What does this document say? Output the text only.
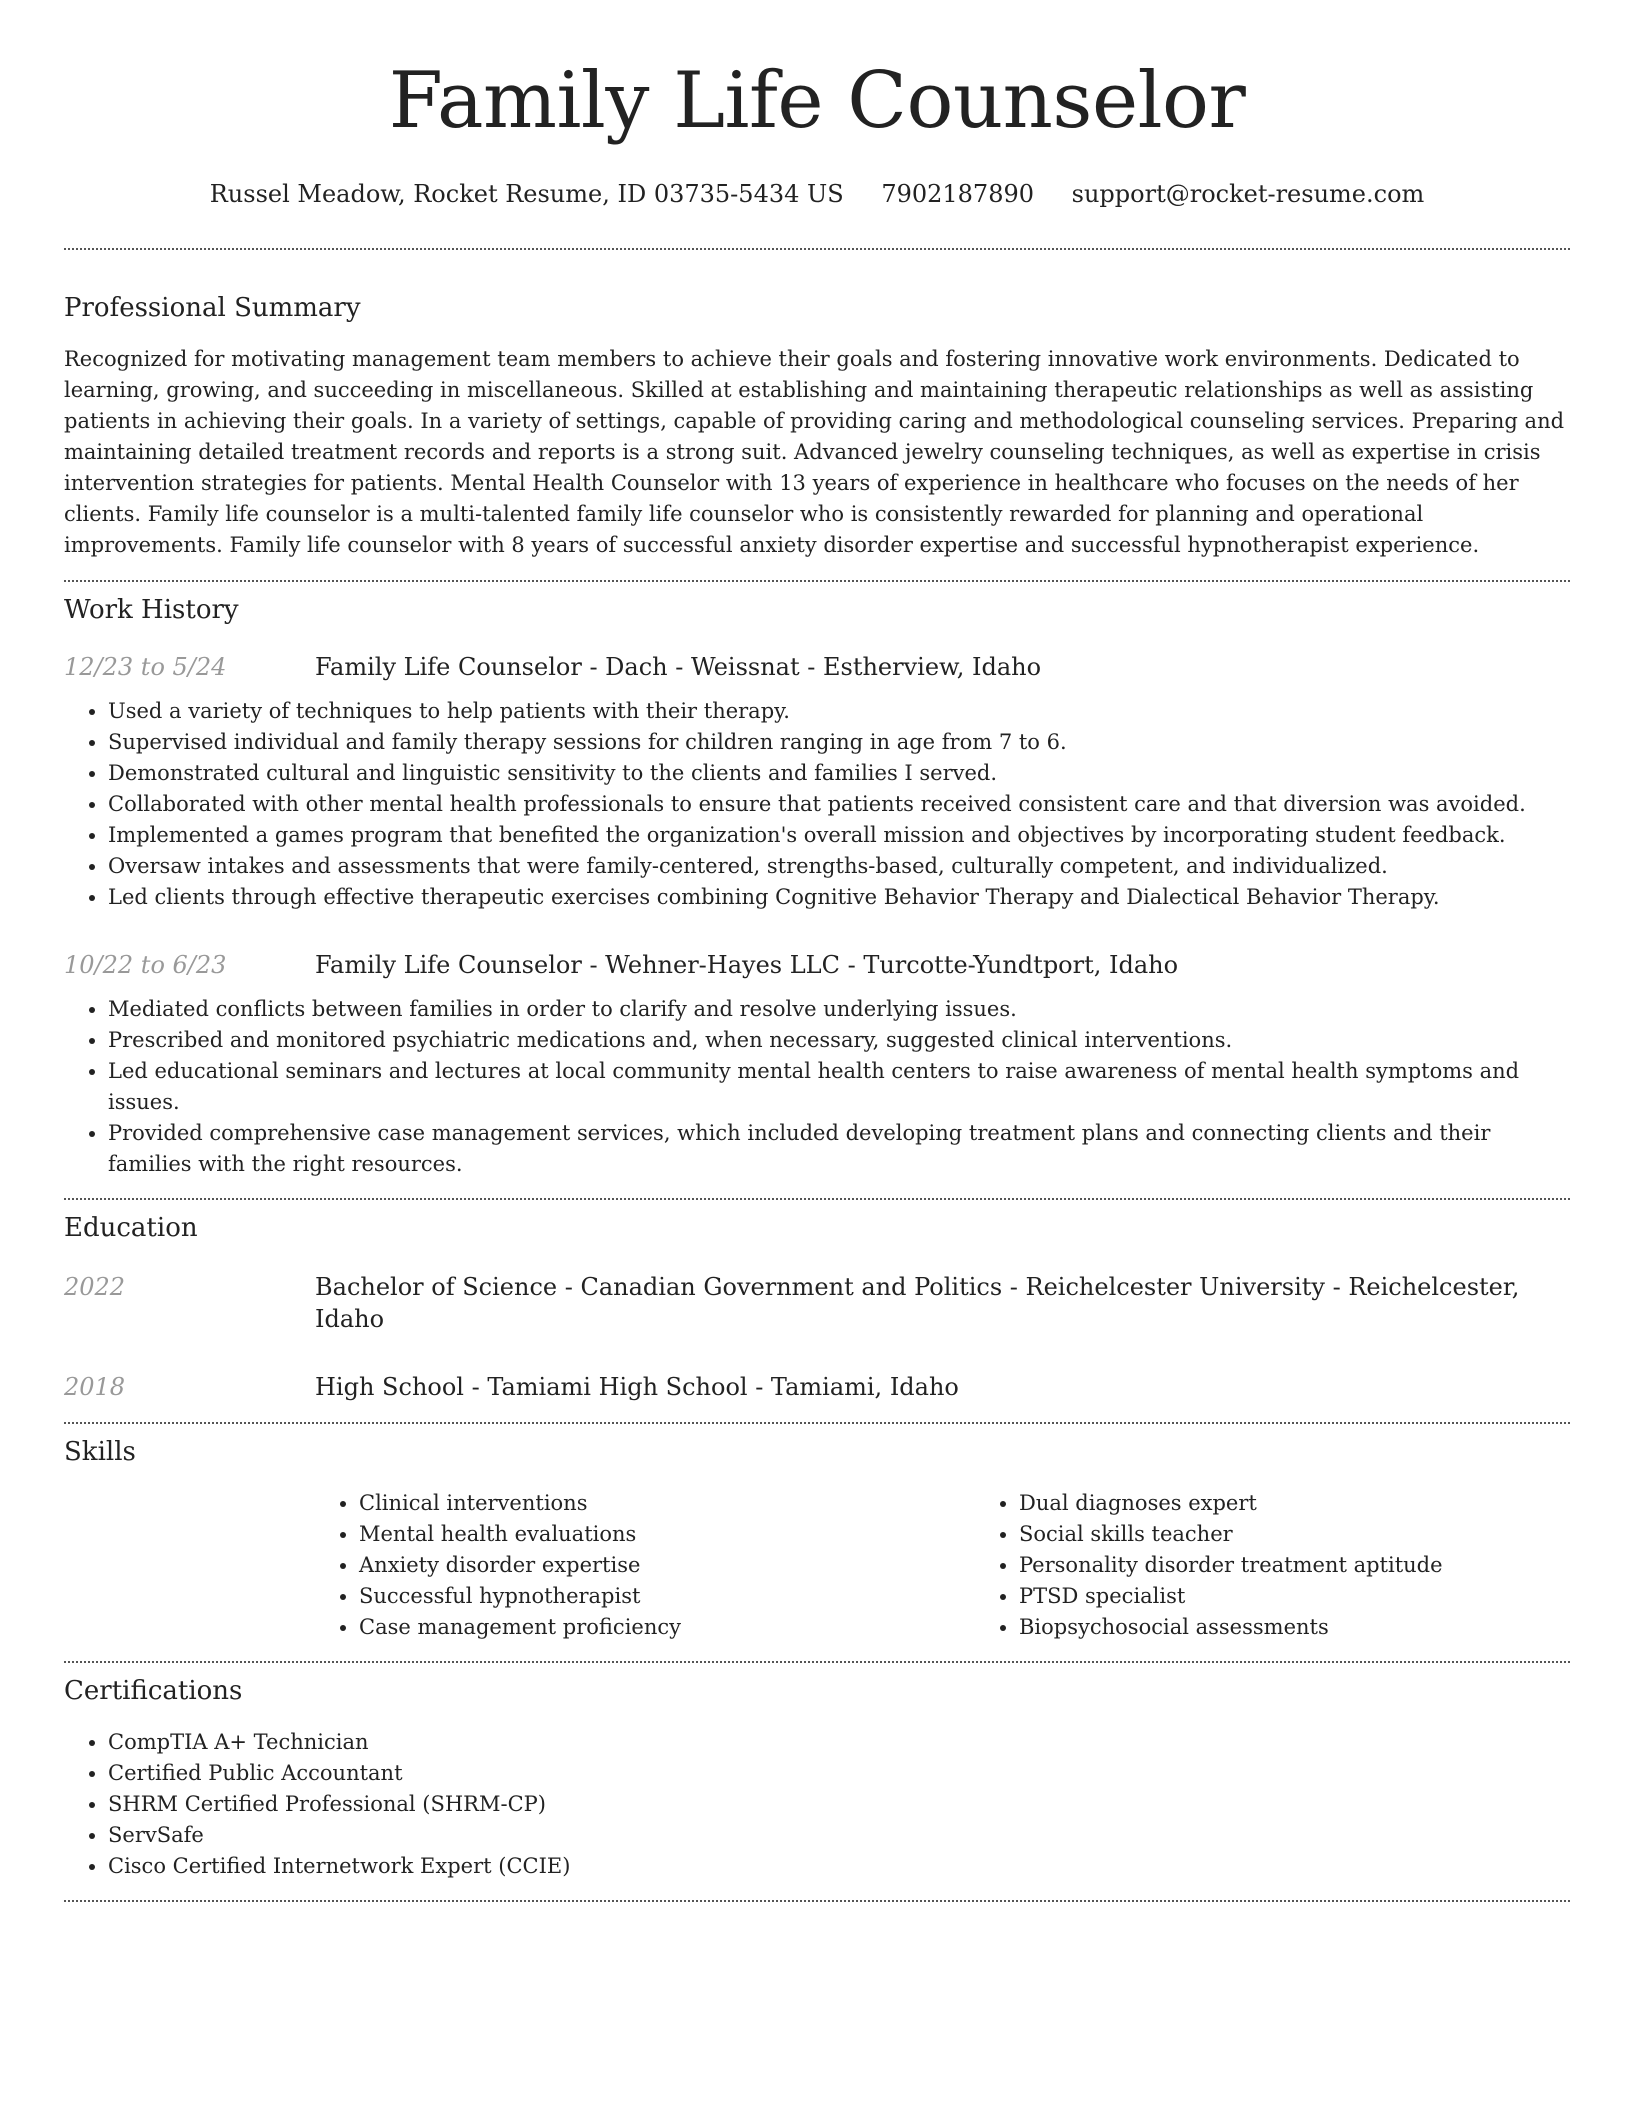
Family Life Counselor
Russel Meadow, Rocket Resume, ID 03735-5434 US 7902187890 support@rocket-resume.com
Professional Summary

Recognized for motivating management team members to achieve their goals and fostering innovative work environments. Dedicated to learning, growing, and succeeding in miscellaneous. Skilled at establishing and maintaining therapeutic relationships as well as assisting patients in achieving their goals. In a variety of settings, capable of providing caring and methodological counseling services. Preparing and maintaining detailed treatment records and reports is a strong suit. Advanced jewelry counseling techniques, as well as expertise in crisis intervention strategies for patients. Mental Health Counselor with 13 years of experience in healthcare who focuses on the needs of her clients. Family life counselor is a multi-talented family life counselor who is consistently rewarded for planning and operational improvements. Family life counselor with 8 years of successful anxiety disorder expertise and successful hypnotherapist experience.

Work History
12/23 to 5/24	Family Life Counselor - Dach - Weissnat - Estherview, Idaho
• Used a variety of techniques to help patients with their therapy.
• Supervised individual and family therapy sessions for children ranging in age from 7 to 6.
• Demonstrated cultural and linguistic sensitivity to the clients and families I served.
• Collaborated with other mental health professionals to ensure that patients received consistent care and that diversion was avoided.
• Implemented a games program that benefited the organization's overall mission and objectives by incorporating student feedback.
• Oversaw intakes and assessments that were family-centered, strengths-based, culturally competent, and individualized.
• Led clients through effective therapeutic exercises combining Cognitive Behavior Therapy and Dialectical Behavior Therapy.
10/22 to 6/23	Family Life Counselor - Wehner-Hayes LLC - Turcotte-Yundtport, Idaho
• Mediated conflicts between families in order to clarify and resolve underlying issues.
• Prescribed and monitored psychiatric medications and, when necessary, suggested clinical interventions.
• Led educational seminars and lectures at local community mental health centers to raise awareness of mental health symptoms and issues.
• Provided comprehensive case management services, which included developing treatment plans and connecting clients and their families with the right resources.
Education
2022	Bachelor of Science - Canadian Government and Politics - Reichelcester University - Reichelcester, Idaho
2018	High School - Tamiami High School - Tamiami, Idaho
Skills
• Clinical interventions
• Mental health evaluations
• Anxiety disorder expertise
• Successful hypnotherapist
• Case management proficiency
• Dual diagnoses expert
• Social skills teacher
• Personality disorder treatment aptitude
• PTSD specialist
• Biopsychosocial assessments
Certifications
• CompTIA A+ Technician
• Certified Public Accountant
• SHRM Certified Professional (SHRM-CP)
• ServSafe
• Cisco Certified Internetwork Expert (CCIE)
